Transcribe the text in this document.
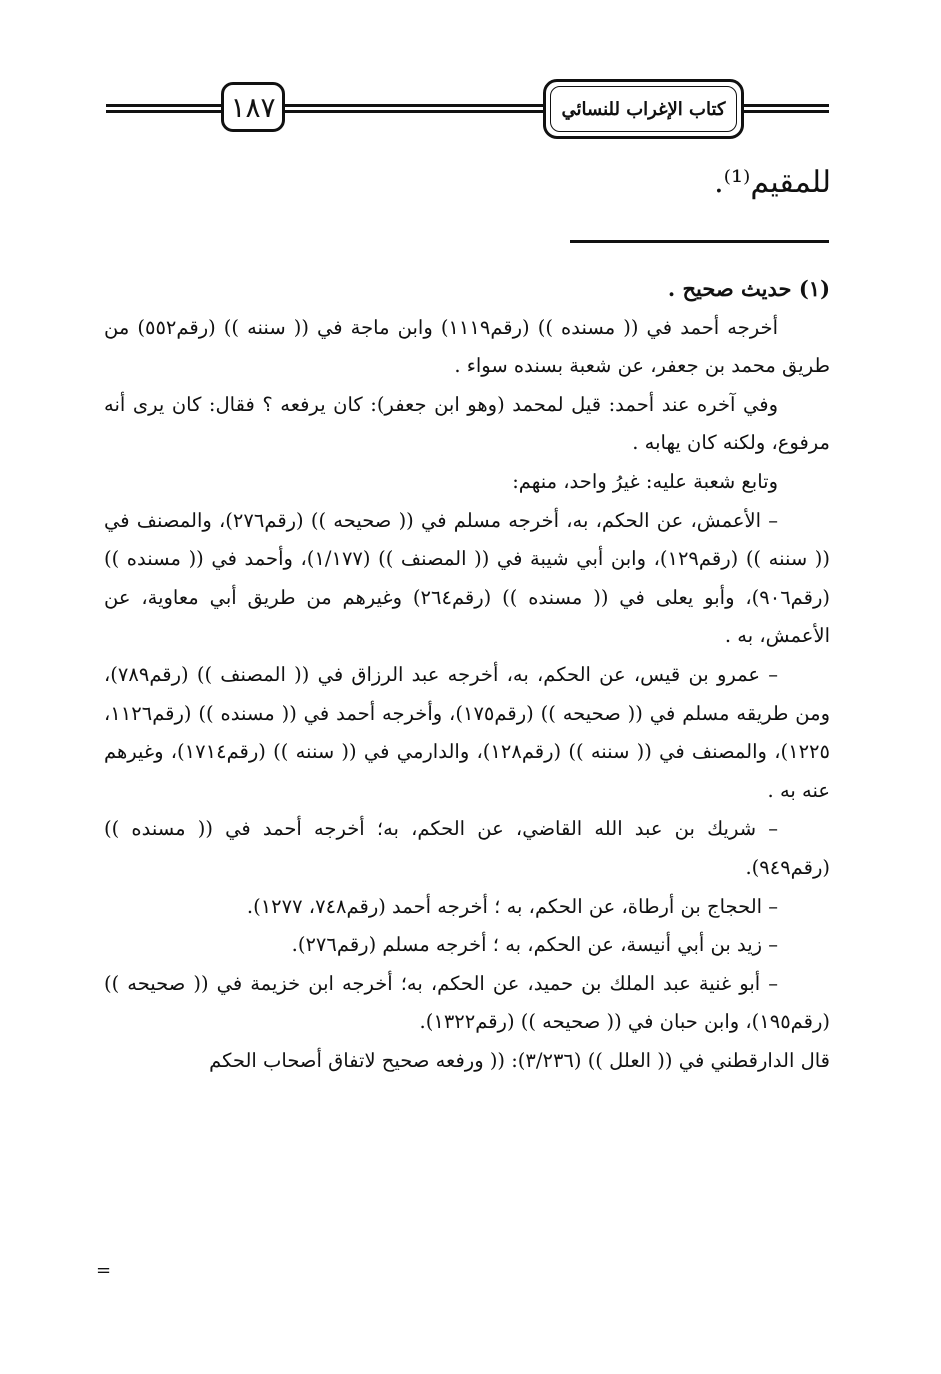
١٨٧	كتاب الإغراب للنسائي
للمقيم⁽¹⁾.

(١) حديث صحيح .

أخرجه أحمد في (( مسنده )) (رقم١١١٩) وابن ماجة في (( سننه )) (رقم٥٥٢) من طريق محمد بن جعفر، عن شعبة بسنده سواء .

وفي آخره عند أحمد: قيل لمحمد (وهو ابن جعفر): كان يرفعه ؟ فقال: كان يرى أنه مرفوع، ولكنه كان يهابه .

وتابع شعبة عليه: غيرُ واحد، منهم:

– الأعمش، عن الحكم، به، أخرجه مسلم في (( صحيحه )) (رقم٢٧٦)، والمصنف في (( سننه )) (رقم١٢٩)، وابن أبي شيبة في (( المصنف )) (١/١٧٧)، وأحمد في (( مسنده )) (رقم٩٠٦)، وأبو يعلى في (( مسنده )) (رقم٢٦٤) وغيرهم من طريق أبي معاوية، عن الأعمش، به .

– عمرو بن قيس، عن الحكم، به، أخرجه عبد الرزاق في (( المصنف )) (رقم٧٨٩)، ومن طريقه مسلم في (( صحيحه )) (رقم١٧٥)، وأخرجه أحمد في (( مسنده )) (رقم١١٢٦، ١٢٢٥)، والمصنف في (( سننه )) (رقم١٢٨)، والدارمي في (( سننه )) (رقم١٧١٤)، وغيرهم عنه به .

– شريك بن عبد الله القاضي، عن الحكم، به؛ أخرجه أحمد في (( مسنده )) (رقم٩٤٩).

– الحجاج بن أرطاة، عن الحكم، به ؛ أخرجه أحمد (رقم٧٤٨، ١٢٧٧).

– زيد بن أبي أنيسة، عن الحكم، به ؛ أخرجه مسلم (رقم٢٧٦).

– أبو غنية عبد الملك بن حميد، عن الحكم، به؛ أخرجه ابن خزيمة في (( صحيحه )) (رقم١٩٥)، وابن حبان في (( صحيحه )) (رقم١٣٢٢).

قال الدارقطني في (( العلل )) (٣/٢٣٦): (( ورفعه صحيح لاتفاق أصحاب الحكم

=
